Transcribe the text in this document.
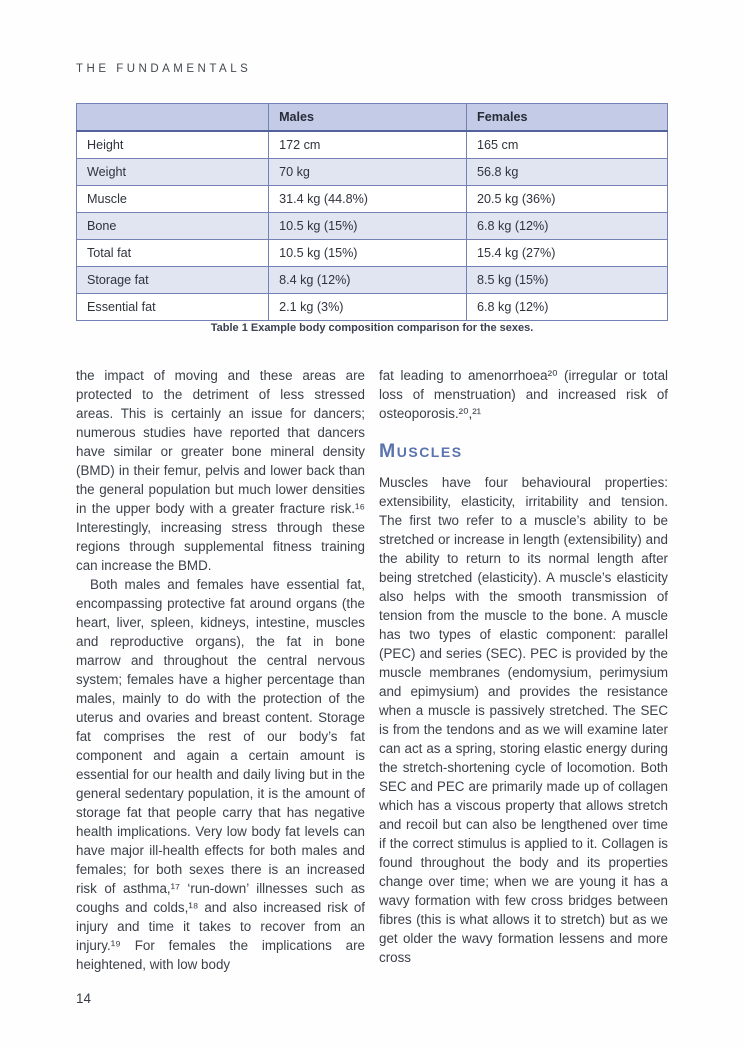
THE FUNDAMENTALS
	Males	Females
Height	172 cm	165 cm
Weight	70 kg	56.8 kg
Muscle	31.4 kg (44.8%)	20.5 kg (36%)
Bone	10.5 kg (15%)	6.8 kg (12%)
Total fat	10.5 kg (15%)	15.4 kg (27%)
Storage fat	8.4 kg (12%)	8.5 kg (15%)
Essential fat	2.1 kg (3%)	6.8 kg (12%)
Table 1 Example body composition comparison for the sexes.

the impact of moving and these areas are protected to the detriment of less stressed areas. This is certainly an issue for dancers; numerous studies have reported that dancers have similar or greater bone mineral density (BMD) in their femur, pelvis and lower back than the general population but much lower densities in the upper body with a greater fracture risk.¹⁶ Interestingly, increasing stress through these regions through supplemental fitness training can increase the BMD.

Both males and females have essential fat, encompassing protective fat around organs (the heart, liver, spleen, kidneys, intestine, muscles and reproductive organs), the fat in bone marrow and throughout the central nervous system; females have a higher percentage than males, mainly to do with the protection of the uterus and ovaries and breast content. Storage fat comprises the rest of our body’s fat component and again a certain amount is essential for our health and daily living but in the general sedentary population, it is the amount of storage fat that people carry that has negative health implications. Very low body fat levels can have major ill-health effects for both males and females; for both sexes there is an increased risk of asthma,¹⁷ ‘run-down’ illnesses such as coughs and colds,¹⁸ and also increased risk of injury and time it takes to recover from an injury.¹⁹ For females the implications are heightened, with low body

fat leading to amenorrhoea²⁰ (irregular or total loss of menstruation) and increased risk of osteoporosis.²⁰,²¹

Muscles

Muscles have four behavioural properties: extensibility, elasticity, irritability and tension. The first two refer to a muscle’s ability to be stretched or increase in length (extensibility) and the ability to return to its normal length after being stretched (elasticity). A muscle’s elasticity also helps with the smooth transmission of tension from the muscle to the bone. A muscle has two types of elastic component: parallel (PEC) and series (SEC). PEC is provided by the muscle membranes (endomysium, perimysium and epimysium) and provides the resistance when a muscle is passively stretched. The SEC is from the tendons and as we will examine later can act as a spring, storing elastic energy during the stretch-shortening cycle of locomotion. Both SEC and PEC are primarily made up of collagen which has a viscous property that allows stretch and recoil but can also be lengthened over time if the correct stimulus is applied to it. Collagen is found throughout the body and its properties change over time; when we are young it has a wavy formation with few cross bridges between fibres (this is what allows it to stretch) but as we get older the wavy formation lessens and more cross

14
